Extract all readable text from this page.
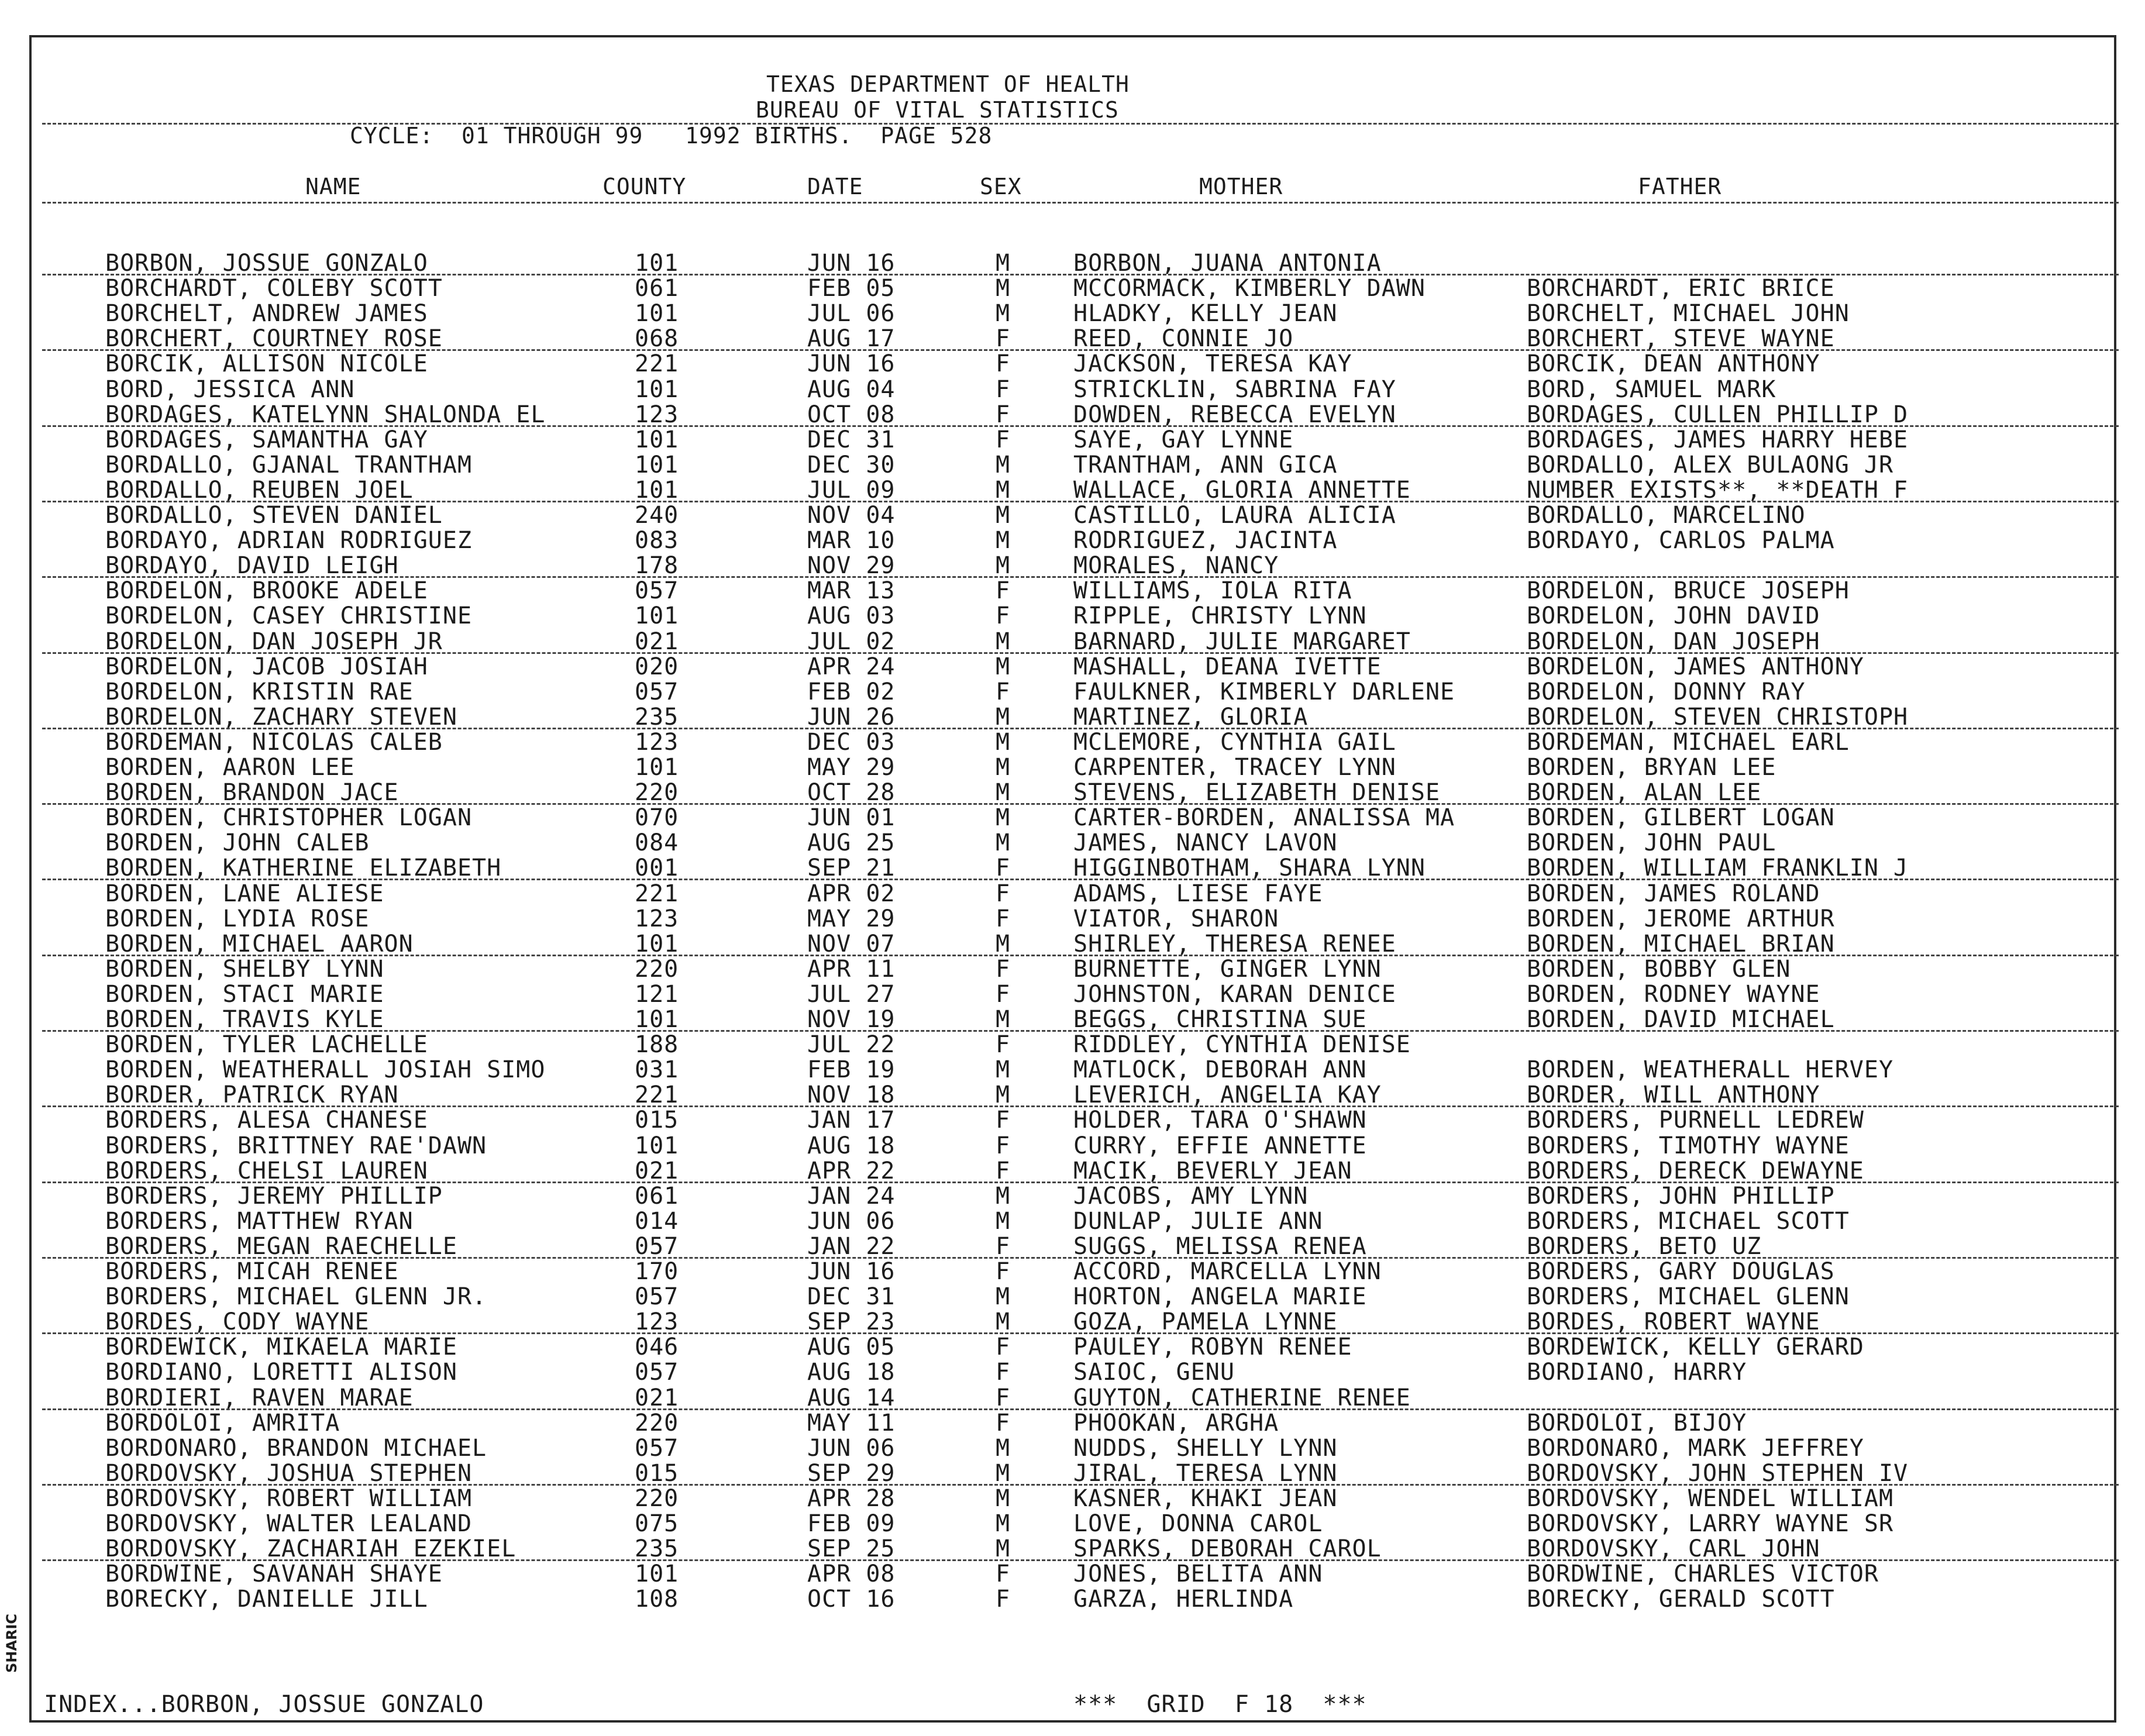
SHARIC
TEXAS DEPARTMENT OF HEALTH
BUREAU OF VITAL STATISTICS
CYCLE:  01 THROUGH 99   1992 BIRTHS.  PAGE 528
NAME	COUNTY	DATE	SEX	MOTHER	FATHER
BORBON, JOSSUE GONZALO	101	JUN 16	M	BORBON, JUANA ANTONIA
BORCHARDT, COLEBY SCOTT	061	FEB 05	M	MCCORMACK, KIMBERLY DAWN	BORCHARDT, ERIC BRICE
BORCHELT, ANDREW JAMES	101	JUL 06	M	HLADKY, KELLY JEAN	BORCHELT, MICHAEL JOHN
BORCHERT, COURTNEY ROSE	068	AUG 17	F	REED, CONNIE JO	BORCHERT, STEVE WAYNE
BORCIK, ALLISON NICOLE	221	JUN 16	F	JACKSON, TERESA KAY	BORCIK, DEAN ANTHONY
BORD, JESSICA ANN	101	AUG 04	F	STRICKLIN, SABRINA FAY	BORD, SAMUEL MARK
BORDAGES, KATELYNN SHALONDA EL	123	OCT 08	F	DOWDEN, REBECCA EVELYN	BORDAGES, CULLEN PHILLIP D
BORDAGES, SAMANTHA GAY	101	DEC 31	F	SAYE, GAY LYNNE	BORDAGES, JAMES HARRY HEBE
BORDALLO, GJANAL TRANTHAM	101	DEC 30	M	TRANTHAM, ANN GICA	BORDALLO, ALEX BULAONG JR
BORDALLO, REUBEN JOEL	101	JUL 09	M	WALLACE, GLORIA ANNETTE	NUMBER EXISTS**, **DEATH F
BORDALLO, STEVEN DANIEL	240	NOV 04	M	CASTILLO, LAURA ALICIA	BORDALLO, MARCELINO
BORDAYO, ADRIAN RODRIGUEZ	083	MAR 10	M	RODRIGUEZ, JACINTA	BORDAYO, CARLOS PALMA
BORDAYO, DAVID LEIGH	178	NOV 29	M	MORALES, NANCY
BORDELON, BROOKE ADELE	057	MAR 13	F	WILLIAMS, IOLA RITA	BORDELON, BRUCE JOSEPH
BORDELON, CASEY CHRISTINE	101	AUG 03	F	RIPPLE, CHRISTY LYNN	BORDELON, JOHN DAVID
BORDELON, DAN JOSEPH JR	021	JUL 02	M	BARNARD, JULIE MARGARET	BORDELON, DAN JOSEPH
BORDELON, JACOB JOSIAH	020	APR 24	M	MASHALL, DEANA IVETTE	BORDELON, JAMES ANTHONY
BORDELON, KRISTIN RAE	057	FEB 02	F	FAULKNER, KIMBERLY DARLENE	BORDELON, DONNY RAY
BORDELON, ZACHARY STEVEN	235	JUN 26	M	MARTINEZ, GLORIA	BORDELON, STEVEN CHRISTOPH
BORDEMAN, NICOLAS CALEB	123	DEC 03	M	MCLEMORE, CYNTHIA GAIL	BORDEMAN, MICHAEL EARL
BORDEN, AARON LEE	101	MAY 29	M	CARPENTER, TRACEY LYNN	BORDEN, BRYAN LEE
BORDEN, BRANDON JACE	220	OCT 28	M	STEVENS, ELIZABETH DENISE	BORDEN, ALAN LEE
BORDEN, CHRISTOPHER LOGAN	070	JUN 01	M	CARTER-BORDEN, ANALISSA MA	BORDEN, GILBERT LOGAN
BORDEN, JOHN CALEB	084	AUG 25	M	JAMES, NANCY LAVON	BORDEN, JOHN PAUL
BORDEN, KATHERINE ELIZABETH	001	SEP 21	F	HIGGINBOTHAM, SHARA LYNN	BORDEN, WILLIAM FRANKLIN J
BORDEN, LANE ALIESE	221	APR 02	F	ADAMS, LIESE FAYE	BORDEN, JAMES ROLAND
BORDEN, LYDIA ROSE	123	MAY 29	F	VIATOR, SHARON	BORDEN, JEROME ARTHUR
BORDEN, MICHAEL AARON	101	NOV 07	M	SHIRLEY, THERESA RENEE	BORDEN, MICHAEL BRIAN
BORDEN, SHELBY LYNN	220	APR 11	F	BURNETTE, GINGER LYNN	BORDEN, BOBBY GLEN
BORDEN, STACI MARIE	121	JUL 27	F	JOHNSTON, KARAN DENICE	BORDEN, RODNEY WAYNE
BORDEN, TRAVIS KYLE	101	NOV 19	M	BEGGS, CHRISTINA SUE	BORDEN, DAVID MICHAEL
BORDEN, TYLER LACHELLE	188	JUL 22	F	RIDDLEY, CYNTHIA DENISE
BORDEN, WEATHERALL JOSIAH SIMO	031	FEB 19	M	MATLOCK, DEBORAH ANN	BORDEN, WEATHERALL HERVEY
BORDER, PATRICK RYAN	221	NOV 18	M	LEVERICH, ANGELIA KAY	BORDER, WILL ANTHONY
BORDERS, ALESA CHANESE	015	JAN 17	F	HOLDER, TARA O'SHAWN	BORDERS, PURNELL LEDREW
BORDERS, BRITTNEY RAE'DAWN	101	AUG 18	F	CURRY, EFFIE ANNETTE	BORDERS, TIMOTHY WAYNE
BORDERS, CHELSI LAUREN	021	APR 22	F	MACIK, BEVERLY JEAN	BORDERS, DERECK DEWAYNE
BORDERS, JEREMY PHILLIP	061	JAN 24	M	JACOBS, AMY LYNN	BORDERS, JOHN PHILLIP
BORDERS, MATTHEW RYAN	014	JUN 06	M	DUNLAP, JULIE ANN	BORDERS, MICHAEL SCOTT
BORDERS, MEGAN RAECHELLE	057	JAN 22	F	SUGGS, MELISSA RENEA	BORDERS, BETO UZ
BORDERS, MICAH RENEE	170	JUN 16	F	ACCORD, MARCELLA LYNN	BORDERS, GARY DOUGLAS
BORDERS, MICHAEL GLENN JR.	057	DEC 31	M	HORTON, ANGELA MARIE	BORDERS, MICHAEL GLENN
BORDES, CODY WAYNE	123	SEP 23	M	GOZA, PAMELA LYNNE	BORDES, ROBERT WAYNE
BORDEWICK, MIKAELA MARIE	046	AUG 05	F	PAULEY, ROBYN RENEE	BORDEWICK, KELLY GERARD
BORDIANO, LORETTI ALISON	057	AUG 18	F	SAIOC, GENU	BORDIANO, HARRY
BORDIERI, RAVEN MARAE	021	AUG 14	F	GUYTON, CATHERINE RENEE
BORDOLOI, AMRITA	220	MAY 11	F	PHOOKAN, ARGHA	BORDOLOI, BIJOY
BORDONARO, BRANDON MICHAEL	057	JUN 06	M	NUDDS, SHELLY LYNN	BORDONARO, MARK JEFFREY
BORDOVSKY, JOSHUA STEPHEN	015	SEP 29	M	JIRAL, TERESA LYNN	BORDOVSKY, JOHN STEPHEN IV
BORDOVSKY, ROBERT WILLIAM	220	APR 28	M	KASNER, KHAKI JEAN	BORDOVSKY, WENDEL WILLIAM
BORDOVSKY, WALTER LEALAND	075	FEB 09	M	LOVE, DONNA CAROL	BORDOVSKY, LARRY WAYNE SR
BORDOVSKY, ZACHARIAH EZEKIEL	235	SEP 25	M	SPARKS, DEBORAH CAROL	BORDOVSKY, CARL JOHN
BORDWINE, SAVANAH SHAYE	101	APR 08	F	JONES, BELITA ANN	BORDWINE, CHARLES VICTOR
BORECKY, DANIELLE JILL	108	OCT 16	F	GARZA, HERLINDA	BORECKY, GERALD SCOTT
INDEX...BORBON, JOSSUE GONZALO	***  GRID  F 18  ***
